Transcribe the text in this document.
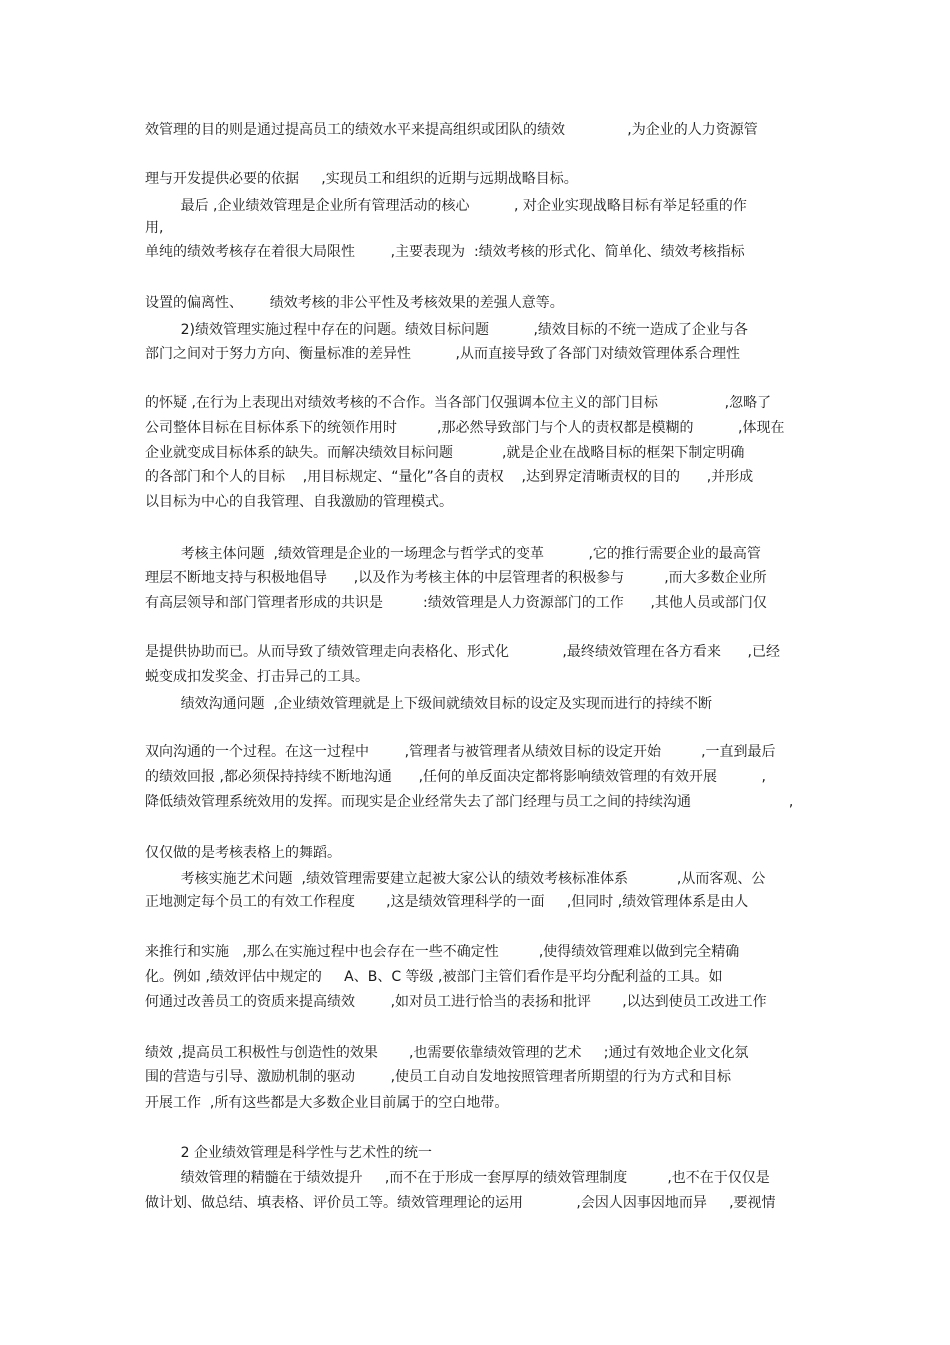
效管理的目的则是通过提高员工的绩效水平来提高组织或团队的绩效              ,为企业的人力资源管
理与开发提供必要的依据     ,实现员工和组织的近期与远期战略目标。
最后 ,企业绩效管理是企业所有管理活动的核心          , 对企业实现战略目标有举足轻重的作
用,
单纯的绩效考核存在着很大局限性        ,主要表现为  :绩效考核的形式化、简单化、绩效考核指标
设置的偏离性、      绩效考核的非公平性及考核效果的差强人意等。
2)绩效管理实施过程中存在的问题。绩效目标问题          ,绩效目标的不统一造成了企业与各
部门之间对于努力方向、衡量标准的差异性          ,从而直接导致了各部门对绩效管理体系合理性
的怀疑 ,在行为上表现出对绩效考核的不合作。当各部门仅强调本位主义的部门目标               ,忽略了
公司整体目标在目标体系下的统领作用时         ,那必然导致部门与个人的责权都是模糊的          ,体现在
企业就变成目标体系的缺失。而解决绩效目标问题           ,就是企业在战略目标的框架下制定明确
的各部门和个人的目标    ,用目标规定、“量化”各自的责权    ,达到界定清晰责权的目的      ,并形成
以目标为中心的自我管理、自我激励的管理模式。
考核主体问题  ,绩效管理是企业的一场理念与哲学式的变革          ,它的推行需要企业的最高管
理层不断地支持与积极地倡导      ,以及作为考核主体的中层管理者的积极参与         ,而大多数企业所
有高层领导和部门管理者形成的共识是         :绩效管理是人力资源部门的工作      ,其他人员或部门仅
是提供协助而已。从而导致了绩效管理走向表格化、形式化            ,最终绩效管理在各方看来      ,已经
蜕变成扣发奖金、打击异己的工具。
绩效沟通问题  ,企业绩效管理就是上下级间就绩效目标的设定及实现而进行的持续不断
双向沟通的一个过程。在这一过程中        ,管理者与被管理者从绩效目标的设定开始         ,一直到最后
的绩效回报 ,都必须保持持续不断地沟通      ,任何的单反面决定都将影响绩效管理的有效开展          ,
降低绩效管理系统效用的发挥。而现实是企业经常失去了部门经理与员工之间的持续沟通                      ,
仅仅做的是考核表格上的舞蹈。
考核实施艺术问题  ,绩效管理需要建立起被大家公认的绩效考核标准体系           ,从而客观、公
正地测定每个员工的有效工作程度       ,这是绩效管理科学的一面     ,但同时 ,绩效管理体系是由人
来推行和实施   ,那么在实施过程中也会存在一些不确定性         ,使得绩效管理难以做到完全精确
化。例如 ,绩效评估中规定的     A、B、C 等级 ,被部门主管们看作是平均分配利益的工具。如
何通过改善员工的资质来提高绩效        ,如对员工进行恰当的表扬和批评       ,以达到使员工改进工作
绩效 ,提高员工积极性与创造性的效果       ,也需要依靠绩效管理的艺术     ;通过有效地企业文化氛
围的营造与引导、激励机制的驱动        ,使员工自动自发地按照管理者所期望的行为方式和目标
开展工作  ,所有这些都是大多数企业目前属于的空白地带。
2 企业绩效管理是科学性与艺术性的统一
绩效管理的精髓在于绩效提升     ,而不在于形成一套厚厚的绩效管理制度         ,也不在于仅仅是
做计划、做总结、填表格、评价员工等。绩效管理理论的运用            ,会因人因事因地而异     ,要视情
